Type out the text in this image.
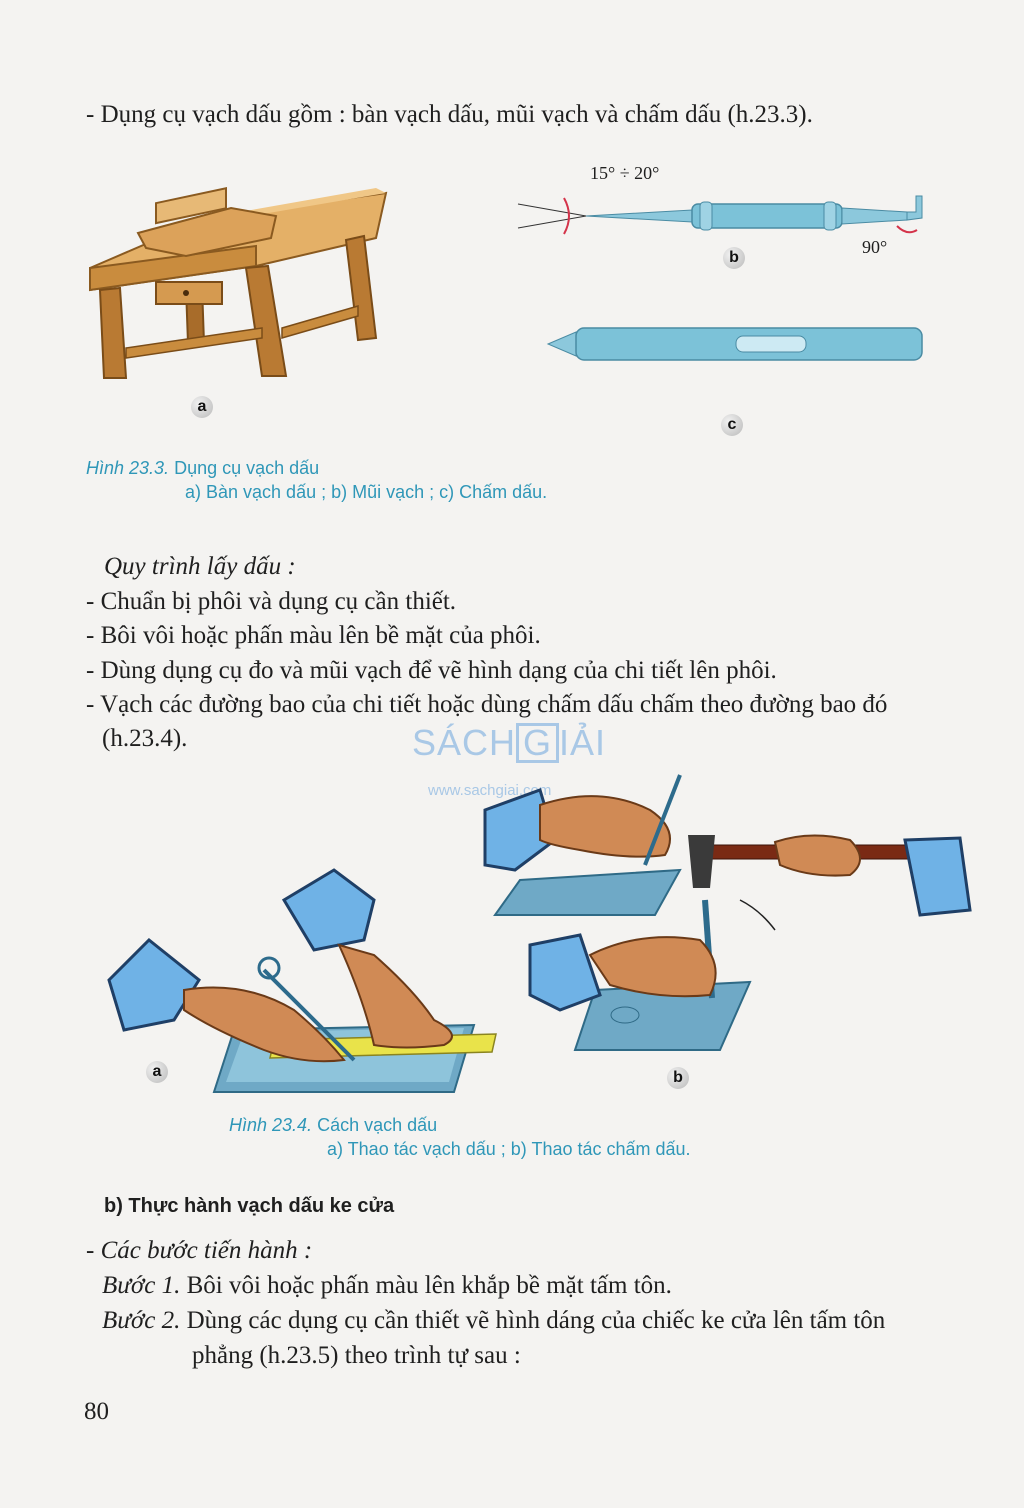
- Dụng cụ vạch dấu gồm : bàn vạch dấu, mũi vạch và chấm dấu (h.23.3).
a
15° ÷ 20°
90°
b
c
Hình 23.3. Dụng cụ vạch dấu
a) Bàn vạch dấu ; b) Mũi vạch ; c) Chấm dấu.
Quy trình lấy dấu :
- Chuẩn bị phôi và dụng cụ cần thiết.
- Bôi vôi hoặc phấn màu lên bề mặt của phôi.
- Dùng dụng cụ đo và mũi vạch để vẽ hình dạng của chi tiết lên phôi.
- Vạch các đường bao của chi tiết hoặc dùng chấm dấu chấm theo đường bao đó
(h.23.4).	SÁCH G IẢI
www.sachgiai.com
a	b
Hình 23.4. Cách vạch dấu
a) Thao tác vạch dấu ; b) Thao tác chấm dấu.
b) Thực hành vạch dấu ke cửa
- Các bước tiến hành :
Bước 1. Bôi vôi hoặc phấn màu lên khắp bề mặt tấm tôn.
Bước 2. Dùng các dụng cụ cần thiết vẽ hình dáng của chiếc ke cửa lên tấm tôn
phẳng (h.23.5) theo trình tự sau :
80
